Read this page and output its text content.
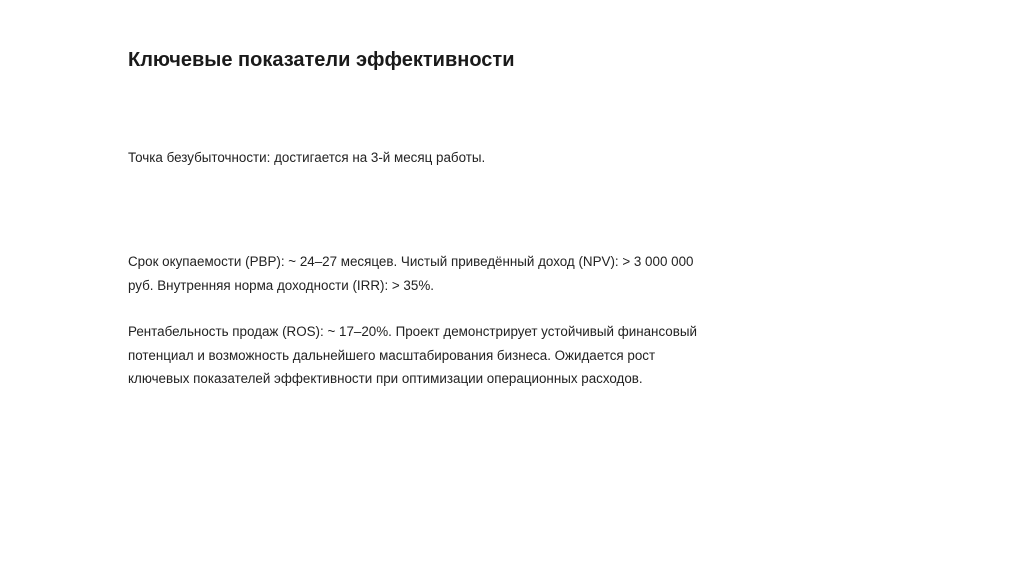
Ключевые показатели эффективности

Точка безубыточности: достигается на 3-й месяц работы.

Срок окупаемости (PBP): ~ 24–27 месяцев. Чистый приведённый доход (NPV): > 3 000 000 руб. Внутренняя норма доходности (IRR): > 35%.

Рентабельность продаж (ROS): ~ 17–20%. Проект демонстрирует устойчивый финансовый потенциал и возможность дальнейшего масштабирования бизнеса. Ожидается рост ключевых показателей эффективности при оптимизации операционных расходов.
